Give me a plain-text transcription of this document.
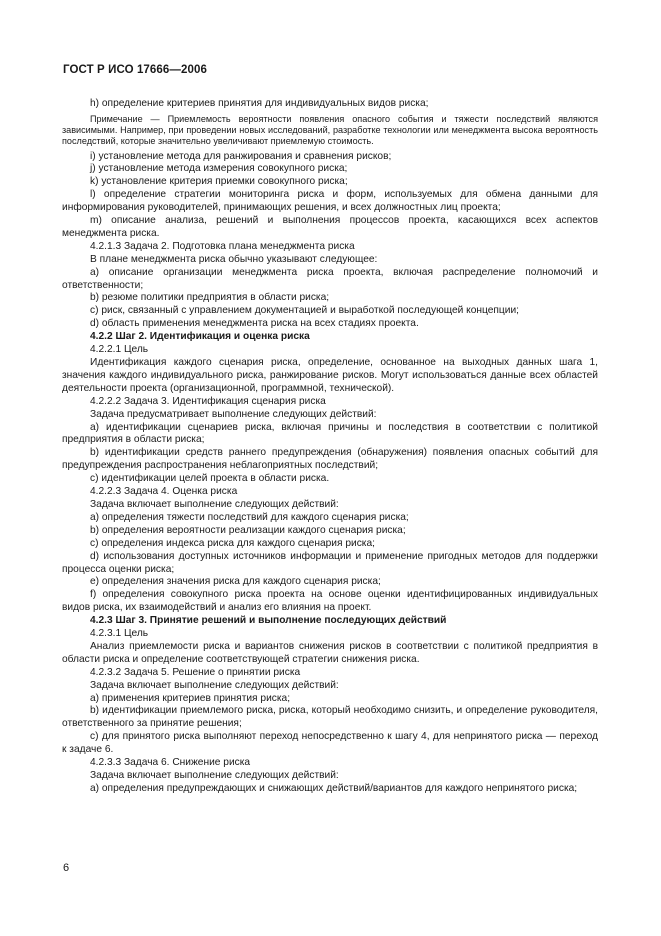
ГОСТ Р ИСО 17666—2006

h) определение критериев принятия для индивидуальных видов риска;

Примечание — Приемлемость вероятности появления опасного события и тяжести последствий являются зависимыми. Например, при проведении новых исследований, разработке технологии или менеджмента высока вероятность последствий, которые значительно увеличивают приемлемую стоимость.

i) установление метода для ранжирования и сравнения рисков;

j) установление метода измерения совокупного риска;

k) установление критерия приемки совокупного риска;

l) определение стратегии мониторинга риска и форм, используемых для обмена данными для информирования руководителей, принимающих решения, и всех должностных лиц проекта;

m) описание анализа, решений и выполнения процессов проекта, касающихся всех аспектов менеджмента риска.

4.2.1.3 Задача 2. Подготовка плана менеджмента риска

В плане менеджмента риска обычно указывают следующее:

a) описание организации менеджмента риска проекта, включая распределение полномочий и ответственности;

b) резюме политики предприятия в области риска;

c) риск, связанный с управлением документацией и выработкой последующей концепции;

d) область применения менеджмента риска на всех стадиях проекта.

4.2.2 Шаг 2. Идентификация и оценка риска

4.2.2.1 Цель

Идентификация каждого сценария риска, определение, основанное на выходных данных шага 1, значения каждого индивидуального риска, ранжирование рисков. Могут использоваться данные всех областей деятельности проекта (организационной, программной, технической).

4.2.2.2 Задача 3. Идентификация сценария риска

Задача предусматривает выполнение следующих действий:

a) идентификации сценариев риска, включая причины и последствия в соответствии с политикой предприятия в области риска;

b) идентификации средств раннего предупреждения (обнаружения) появления опасных событий для предупреждения распространения неблагоприятных последствий;

c) идентификации целей проекта в области риска.

4.2.2.3 Задача 4. Оценка риска

Задача включает выполнение следующих действий:

a) определения тяжести последствий для каждого сценария риска;

b) определения вероятности реализации каждого сценария риска;

c) определения индекса риска для каждого сценария риска;

d) использования доступных источников информации и применение пригодных методов для поддержки процесса оценки риска;

e) определения значения риска для каждого сценария риска;

f) определения совокупного риска проекта на основе оценки идентифицированных индивидуальных видов риска, их взаимодействий и анализ его влияния на проект.

4.2.3 Шаг 3. Принятие решений и выполнение последующих действий

4.2.3.1 Цель

Анализ приемлемости риска и вариантов снижения рисков в соответствии с политикой предприятия в области риска и определение соответствующей стратегии снижения риска.

4.2.3.2 Задача 5. Решение о принятии риска

Задача включает выполнение следующих действий:

a) применения критериев принятия риска;

b) идентификации приемлемого риска, риска, который необходимо снизить, и определение руководителя, ответственного за принятие решения;

c) для принятого риска выполняют переход непосредственно к шагу 4, для непринятого риска — переход к задаче 6.

4.2.3.3 Задача 6. Снижение риска

Задача включает выполнение следующих действий:

a) определения предупреждающих и снижающих действий/вариантов для каждого непринятого риска;

6
